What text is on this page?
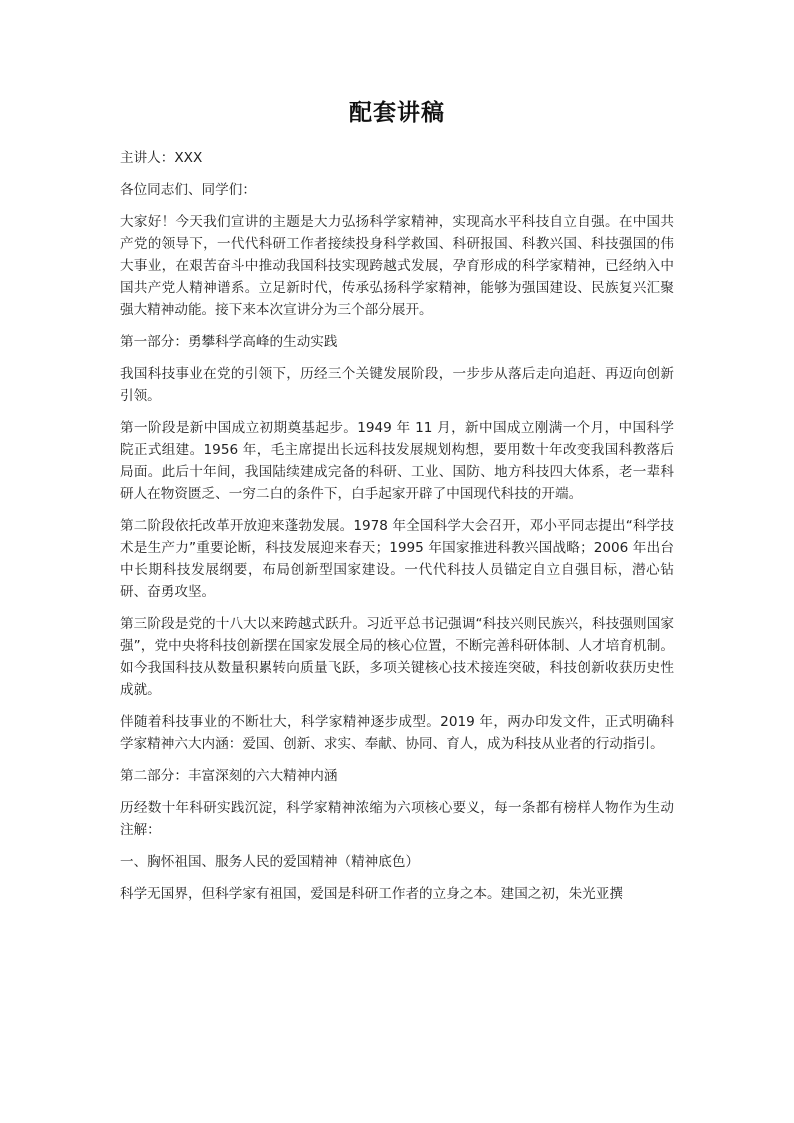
配套讲稿

主讲人：XXX

各位同志们、同学们：

大家好！今天我们宣讲的主题是大力弘扬科学家精神，实现高水平科技自立自强。在中国共产党的领导下，一代代科研工作者接续投身科学救国、科研报国、科教兴国、科技强国的伟大事业，在艰苦奋斗中推动我国科技实现跨越式发展，孕育形成的科学家精神，已经纳入中国共产党人精神谱系。立足新时代，传承弘扬科学家精神，能够为强国建设、民族复兴汇聚强大精神动能。接下来本次宣讲分为三个部分展开。

第一部分：勇攀科学高峰的生动实践

我国科技事业在党的引领下，历经三个关键发展阶段，一步步从落后走向追赶、再迈向创新引领。

第一阶段是新中国成立初期奠基起步。1949 年 11 月，新中国成立刚满一个月，中国科学院正式组建。1956 年，毛主席提出长远科技发展规划构想，要用数十年改变我国科教落后局面。此后十年间，我国陆续建成完备的科研、工业、国防、地方科技四大体系，老一辈科研人在物资匮乏、一穷二白的条件下，白手起家开辟了中国现代科技的开端。

第二阶段依托改革开放迎来蓬勃发展。1978 年全国科学大会召开，邓小平同志提出“科学技术是生产力”重要论断，科技发展迎来春天；1995 年国家推进科教兴国战略；2006 年出台中长期科技发展纲要，布局创新型国家建设。一代代科技人员锚定自立自强目标，潜心钻研、奋勇攻坚。

第三阶段是党的十八大以来跨越式跃升。习近平总书记强调“科技兴则民族兴，科技强则国家强”，党中央将科技创新摆在国家发展全局的核心位置，不断完善科研体制、人才培育机制。如今我国科技从数量积累转向质量飞跃，多项关键核心技术接连突破，科技创新收获历史性成就。

伴随着科技事业的不断壮大，科学家精神逐步成型。2019 年，两办印发文件，正式明确科学家精神六大内涵：爱国、创新、求实、奉献、协同、育人，成为科技从业者的行动指引。

第二部分：丰富深刻的六大精神内涵

历经数十年科研实践沉淀，科学家精神浓缩为六项核心要义，每一条都有榜样人物作为生动注解：

一、胸怀祖国、服务人民的爱国精神（精神底色）

科学无国界，但科学家有祖国，爱国是科研工作者的立身之本。建国之初，朱光亚撰
